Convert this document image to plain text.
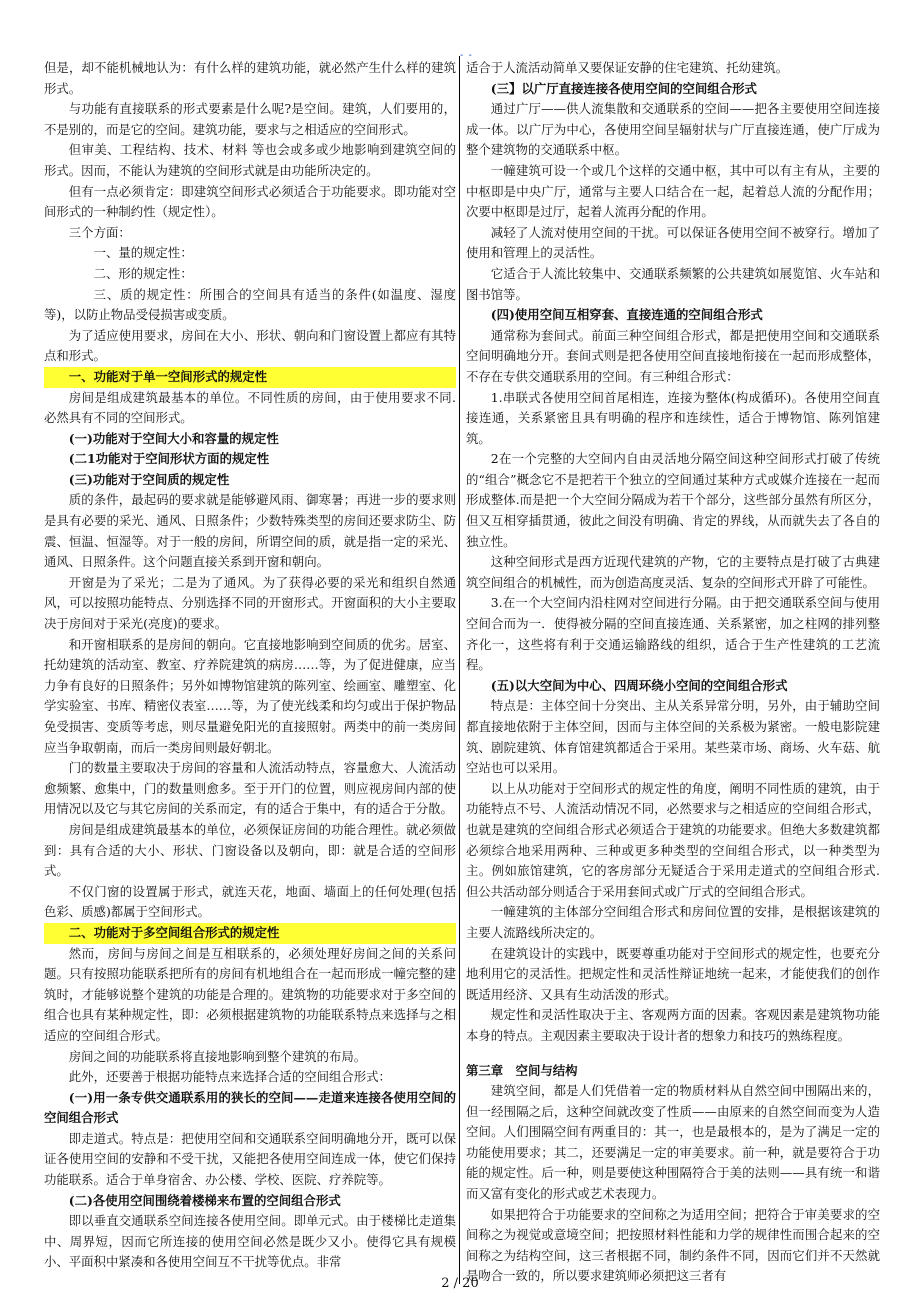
- -

但是，却不能机械地认为：有什么样的建筑功能，就必然产生什么样的建筑形式。

与功能有直接联系的形式要素是什么呢?是空间。建筑，人们要用的，不是别的，而是它的空间。建筑功能，要求与之相适应的空间形式。

但审美、工程结构、技术、材料 等也会或多或少地影响到建筑空间的形式。因而，不能认为建筑的空间形式就是由功能所决定的。

但有一点必须肯定：即建筑空间形式必须适合于功能要求。即功能对空间形式的一种制约性（规定性）。

三个方面：

一、量的规定性：

二、形的规定性：

三、质的规定性：所围合的空间具有适当的条件(如温度、湿度等)，以防止物品受侵损害或变质。

为了适应使用要求，房间在大小、形状、朝向和门窗设置上都应有其特点和形式。

一、功能对于单一空间形式的规定性

房间是组成建筑最基本的单位。不同性质的房间，由于使用要求不同. 必然具有不同的空间形式。

(一)功能对于空间大小和容量的规定性

(二1功能对于空间形状方面的规定性

(三)功能对于空间质的规定性

质的条件，最起码的要求就是能够避风雨、御寒暑；再进一步的要求则是具有必要的采光、通风、日照条件；少数特殊类型的房间还要求防尘、防震、恒温、恒湿等。对于一般的房间，所谓空间的质，就是指一定的采光、通风、日照条件。这个问题直接关系到开窗和朝向。

开窗是为了采光；二是为了通风。为了获得必要的采光和组织自然通风，可以按照功能特点、分别选择不同的开窗形式。开窗面积的大小主要取决于房间对于采光(亮度)的要求。

和开窗相联系的是房间的朝向。它直接地影响到空间质的优劣。居室、托幼建筑的活动室、教室、疗养院建筑的病房……等，为了促进健康，应当力争有良好的日照条件；另外如博物馆建筑的陈列室、绘画室、雕塑室、化学实验室、书库、精密仪表室……等，为了使光线柔和均匀或出于保护物品免受损害、变质等考虑，则尽量避免阳光的直接照射。两类中的前一类房间应当争取朝南，而后一类房间则最好朝北。

门的数量主要取决于房间的容量和人流活动特点，容量愈大、人流活动愈频繁、愈集中，门的数量则愈多。至于开门的位置，则应视房间内部的使用情况以及它与其它房间的关系而定，有的适合于集中，有的适合于分散。

房间是组成建筑最基本的单位，必须保证房间的功能合理性。就必须做到：具有合适的大小、形状、门窗设备以及朝向，即：就是合适的空间形式。

不仅门窗的设置属于形式，就连天花，地面、墙面上的任何处理(包括色彩、质感)都属于空间形式。

二、功能对于多空间组合形式的规定性

然而，房间与房间之间是互相联系的，必须处理好房间之间的关系问题。只有按照功能联系把所有的房间有机地组合在一起而形成一幢完整的建筑时，才能够说整个建筑的功能是合理的。建筑物的功能要求对于多空间的组合也具有某种规定性，即：必须根据建筑物的功能联系特点来选择与之相适应的空间组合形式。

房间之间的功能联系将直接地影响到整个建筑的布局。

此外，还要善于根据功能特点来选择合适的空间组合形式：

(一)用一条专供交通联系用的狭长的空间——走道来连接各使用空间的空间组合形式

即走道式。特点是：把使用空间和交通联系空间明确地分开，既可以保证各使用空间的安静和不受干扰，又能把各使用空间连成一体，使它们保持功能联系。适合于单身宿舍、办公楼、学校、医院、疗养院等。

(二)各使用空间围绕着楼梯来布置的空间组合形式

即以垂直交通联系空间连接各使用空间。即单元式。由于楼梯比走道集中、周界短，因而它所连接的使用空间必然是既少又小。使得它具有规模小、平面积中紧凑和各使用空间互不干扰等优点。非常

适合于人流活动简单又要保证安静的住宅建筑、托幼建筑。

(三】以广厅直接连接各使用空间的空间组合形式

通过广厅——供人流集散和交通联系的空间——把各主要使用空间连接成一体。以广厅为中心，各使用空间呈辐射状与广厅直接连通，使广厅成为整个建筑物的交通联系中枢。

一幢建筑可设一个或几个这样的交通中枢，其中可以有主有从，主要的中枢即是中央广厅，通常与主要人口结合在一起，起着总人流的分配作用；次要中枢即是过厅，起着人流再分配的作用。

减轻了人流对使用空间的干扰。可以保证各使用空间不被穿行。增加了使用和管理上的灵活性。

它适合于人流比较集中、交通联系频繁的公共建筑如展览馆、火车站和图书馆等。

(四)使用空间互相穿套、直接连通的空间组合形式

通常称为套间式。前面三种空间组合形式，都是把使用空间和交通联系空间明确地分开。套间式则是把各使用空间直接地衔接在一起而形成整体，不存在专供交通联系用的空间。有三种组合形式：

1.串联式各使用空间首尾相连，连接为整体(构成循环)。各使用空间直接连通，关系紧密且具有明确的程序和连续性，适合于博物馆、陈列馆建筑。

2在一个完整的大空间内自由灵活地分隔空间这种空间形式打破了传统的“组合”概念它不是把若干个独立的空间通过某种方式或媒介连接在一起而形成整体.而是把一个大空间分隔成为若干个部分，这些部分虽然有所区分，但又互相穿插贯通，彼此之间没有明确、肯定的界线，从而就失去了各自的独立性。

这种空间形式是西方近现代建筑的产物，它的主要特点是打破了古典建筑空间组合的机械性，而为创造高度灵活、复杂的空间形式开辟了可能性。

3.在一个大空间内沿柱网对空间进行分隔。由于把交通联系空间与使用空间合而为一．使得被分隔的空间直接连通、关系紧密，加之柱网的排列整齐化一，这些将有利于交通运输路线的组织，适合于生产性建筑的工艺流程。

(五)以大空间为中心、四周环绕小空间的空间组合形式

特点是：主体空间十分突出、主从关系异常分明，另外，由于辅助空间都直接地依附于主体空间，因而与主体空间的关系极为紧密。一般电影院建筑、剧院建筑、体育馆建筑都适合于采用。某些菜市场、商场、火车菇、航空站也可以采用。

以上从功能对于空间形式的规定性的角度，阐明不同性质的建筑，由于功能特点不号、人流活动情况不同，必然要求与之相适应的空间组合形式，也就是建筑的空间组合形式必须适合于建筑的功能要求。但绝大多数建筑都必须综合地采用两种、三种或更多种类型的空间组合形式，以一种类型为主。例如旅馆建筑，它的客房部分无疑适合于采用走道式的空间组合形式. 但公共活动部分则适合于采用套间式或广厅式的空间组合形式。

一幢建筑的主体部分空间组合形式和房间位置的安排，是根据该建筑的主要人流路线所决定的。

在建筑设计的实践中，既要尊重功能对于空间形式的规定性，也要充分地利用它的灵活性。把规定性和灵活性辩证地统一起来，才能使我们的创作既适用经济、又具有生动活泼的形式。

规定性和灵活性取决于主、客观两方面的因素。客观因素是建筑物功能本身的特点。主观因素主要取决于设计者的想象力和技巧的熟练程度。

第三章　空间与结构

建筑空间，都是人们凭借着一定的物质材料从自然空间中围隔出来的，但一经围隔之后，这种空间就改变了性质——由原来的自然空间而变为人造空间。人们围隔空间有两重目的：其一，也是最根本的，是为了满足一定的功能使用要求；其二，还要满足一定的审美要求。前一种，就是要符合于功能的规定性。后一种，则是要使这种围隔符合于美的法则——具有统一和谐而又富有变化的形式或艺术表现力。

如果把符合于功能要求的空间称之为适用空间；把符合于审美要求的空间称之为视觉或意境空间；把按照材料性能和力学的规律性而围合起来的空间称之为结构空间，这三者根据不同，制约条件不同，因而它们并不天然就是吻合一致的，所以要求建筑师必须把这三者有

2 / 20
